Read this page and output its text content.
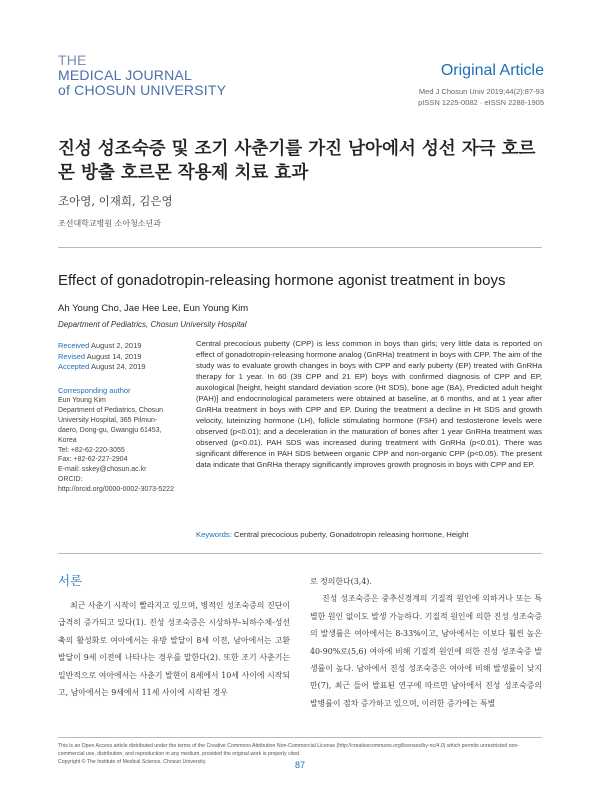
THE
MEDICAL JOURNAL
of CHOSUN UNIVERSITY
Original Article
Med J Chosun Univ 2019;44(2):87-93
pISSN 1225-0082 · eISSN 2288-1905
진성 성조숙증 및 조기 사춘기를 가진 남아에서 성선 자극 호르몬 방출 호르몬 작용제 치료 효과
조아영, 이재희, 김은영
조선대학교병원 소아청소년과
Effect of gonadotropin-releasing hormone agonist treatment in boys
Ah Young Cho, Jae Hee Lee, Eun Young Kim
Department of Pediatrics, Chosun University Hospital
Received August 2, 2019
Revised August 14, 2019
Accepted August 24, 2019
Corresponding author
Eun Young Kim
Department of Pediatrics, Chosun
University Hospital, 365 Pilmun-
daero, Dong-gu, Gwangju 61453,
Korea
Tel: +82-62-220-3055
Fax: +82-62-227-2904
E-mail: sskey@chosun.ac.kr
ORCID:
http://orcid.org/0000-0002-3073-5222

Central precocious puberty (CPP) is less common in boys than girls; very little data is reported on effect of gonadotropin-releasing hormone analog (GnRHa) treatment in boys with CPP. The aim of the study was to evaluate growth changes in boys with CPP and early puberty (EP) treated with GnRHa therapy for 1 year. In 60 (39 CPP and 21 EP) boys with confirmed diagnosis of CPP and EP, auxological [height, height standard deviation score (Ht SDS), bone age (BA), Predicted adult height (PAH)] and endocrinological parameters were obtained at baseline, at 6 months, and at 1 year after GnRHa treatment in boys with CPP and EP. During the treatment a decline in Ht SDS and growth velocity, luteinizing hormone (LH), follicle stimulating hormone (FSH) and testosterone levels were observed (p<0.01); and a deceleration in the maturation of bones after 1 year GnRHa treatment was observed (p<0.01). PAH SDS was increased during treatment with GnRHa (p<0.01). There was significant difference in PAH SDS between organic CPP and non-organic CPP (p<0.05). The present data indicate that GnRHa therapy significantly improves growth prognosis in boys with CPP and EP.

Keywords: Central precocious puberty, Gonadotropin releasing hormone, Height
서론

최근 사춘기 시작이 빨라지고 있으며, 병적인 성조숙증의 진단이 급격히 증가되고 있다(1). 진성 성조숙증은 시상하부-뇌하수체-성선 축의 활성화로 여아에서는 유방 발달이 8세 이전, 남아에서는 고환 발달이 9세 이전에 나타나는 경우를 말한다(2). 또한 조기 사춘기는 일반적으로 여아에서는 사춘기 발현이 8세에서 10세 사이에 시작되고, 남아에서는 9세에서 11세 사이에 시작된 경우

로 정의한다(3,4).

진성 성조숙증은 중추신경계의 기질적 원인에 의하거나 또는 특별한 원인 없이도 발생 가능하다. 기질적 원인에 의한 진성 성조숙증의 발생률은 여아에서는 8-33%이고, 남아에서는 이보다 훨씬 높은 40-90%로(5,6) 여아에 비해 기질적 원인에 의한 진성 성조숙증 발생률이 높다. 남아에서 진성 성조숙증은 여아에 비해 발생률이 낮지만(7), 최근 들어 발표된 연구에 따르면 남아에서 진성 성조숙증의 발병률이 점차 증가하고 있으며, 이러한 증가에는 특별

This is an Open Access article distributed under the terms of the Creative Commons Attribution Non-Commercial License (http://creativecommons.org/licenses/by-nc/4.0) which permits unrestricted non-
commercial use, distribution, and reproduction in any medium, provided the original work is properly cited.
Copyright © The Institute of Medical Science, Chosun University.	87
